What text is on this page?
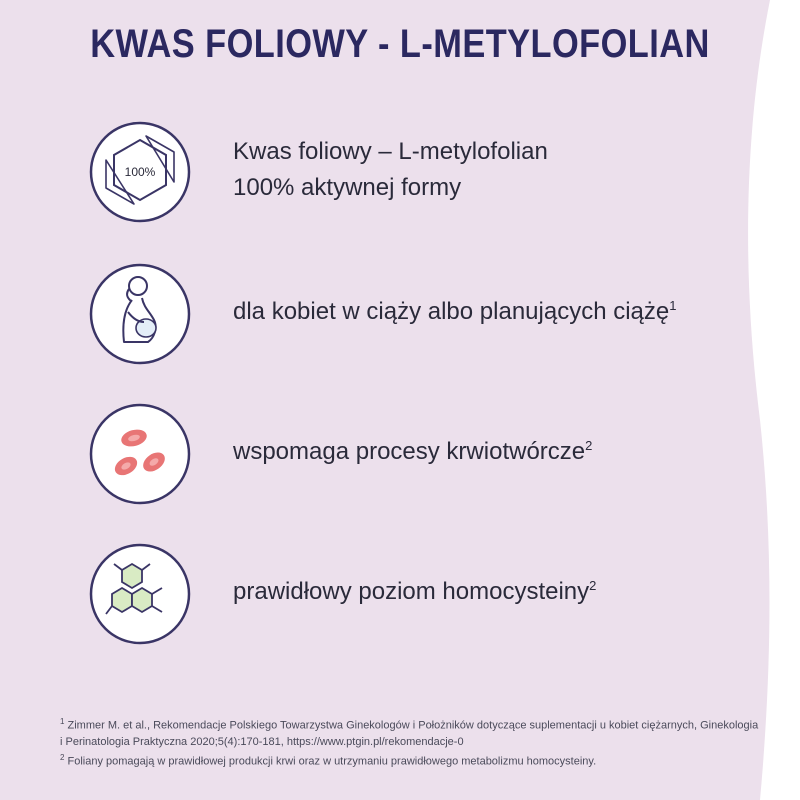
KWAS FOLIOWY - L-METYLOFOLIAN
100%
Kwas foliowy – L-metylofolian
100% aktywnej formy
dla kobiet w ciąży albo planujących ciążę$^1$
wspomaga procesy krwiotwórcze$^2$
prawidłowy poziom homocysteiny$^2$

$^1$ Zimmer M. et al., Rekomendacje Polskiego Towarzystwa Ginekologów i Położników dotyczące suplementacji u kobiet ciężarnych, Ginekologia i Perinatologia Praktyczna 2020;5(4):170-181, https://www.ptgin.pl/rekomendacje-0

$^2$ Foliany pomagają w prawidłowej produkcji krwi oraz w utrzymaniu prawidłowego metabolizmu homocysteiny.
